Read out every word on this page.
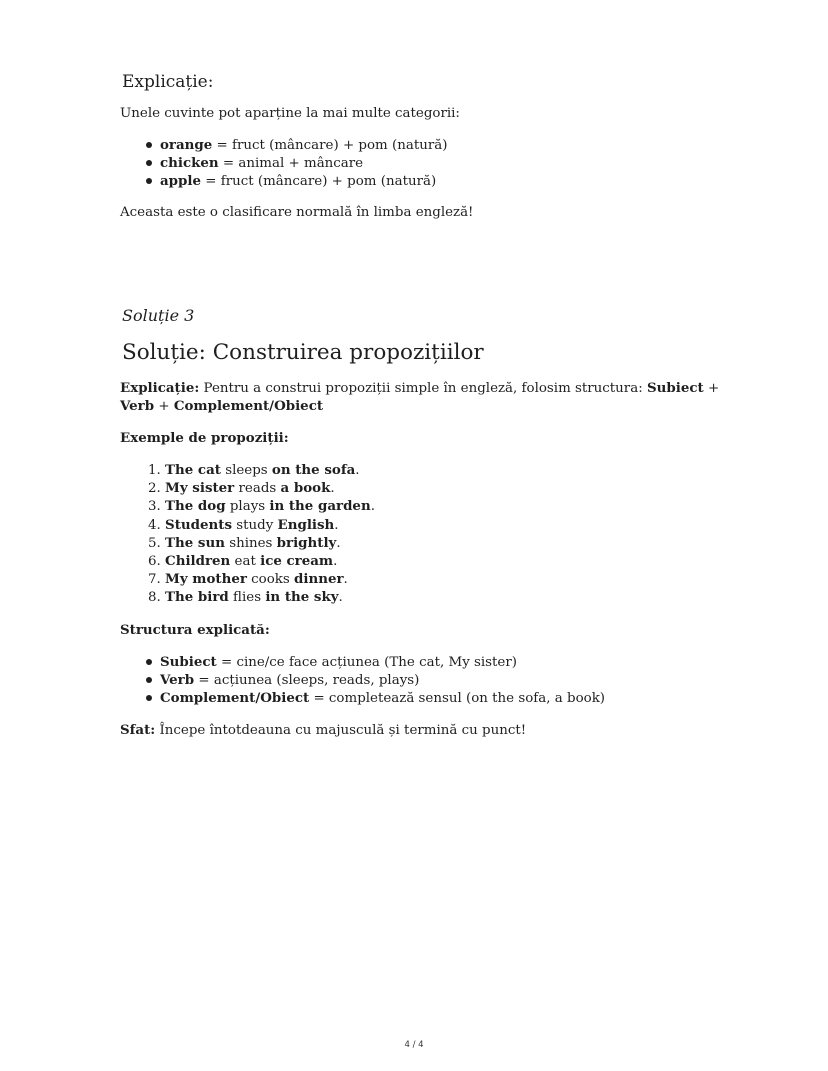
Explicație:

Unele cuvinte pot aparține la mai multe categorii:

orange = fruct (mâncare) + pom (natură)
chicken = animal + mâncare
apple = fruct (mâncare) + pom (natură)

Aceasta este o clasificare normală în limba engleză!

Soluție 3
Soluție: Construirea propozițiilor

Explicație: Pentru a construi propoziții simple în engleză, folosim structura: Subiect +

Verb + Complement/Obiect

Exemple de propoziții:

1. The cat sleeps on the sofa.
2. My sister reads a book.
3. The dog plays in the garden.
4. Students study English.
5. The sun shines brightly.
6. Children eat ice cream.
7. My mother cooks dinner.
8. The bird flies in the sky.

Structura explicată:

Subiect = cine/ce face acțiunea (The cat, My sister)
Verb = acțiunea (sleeps, reads, plays)
Complement/Obiect = completează sensul (on the sofa, a book)

Sfat: Începe întotdeauna cu majusculă și termină cu punct!

4 / 4
